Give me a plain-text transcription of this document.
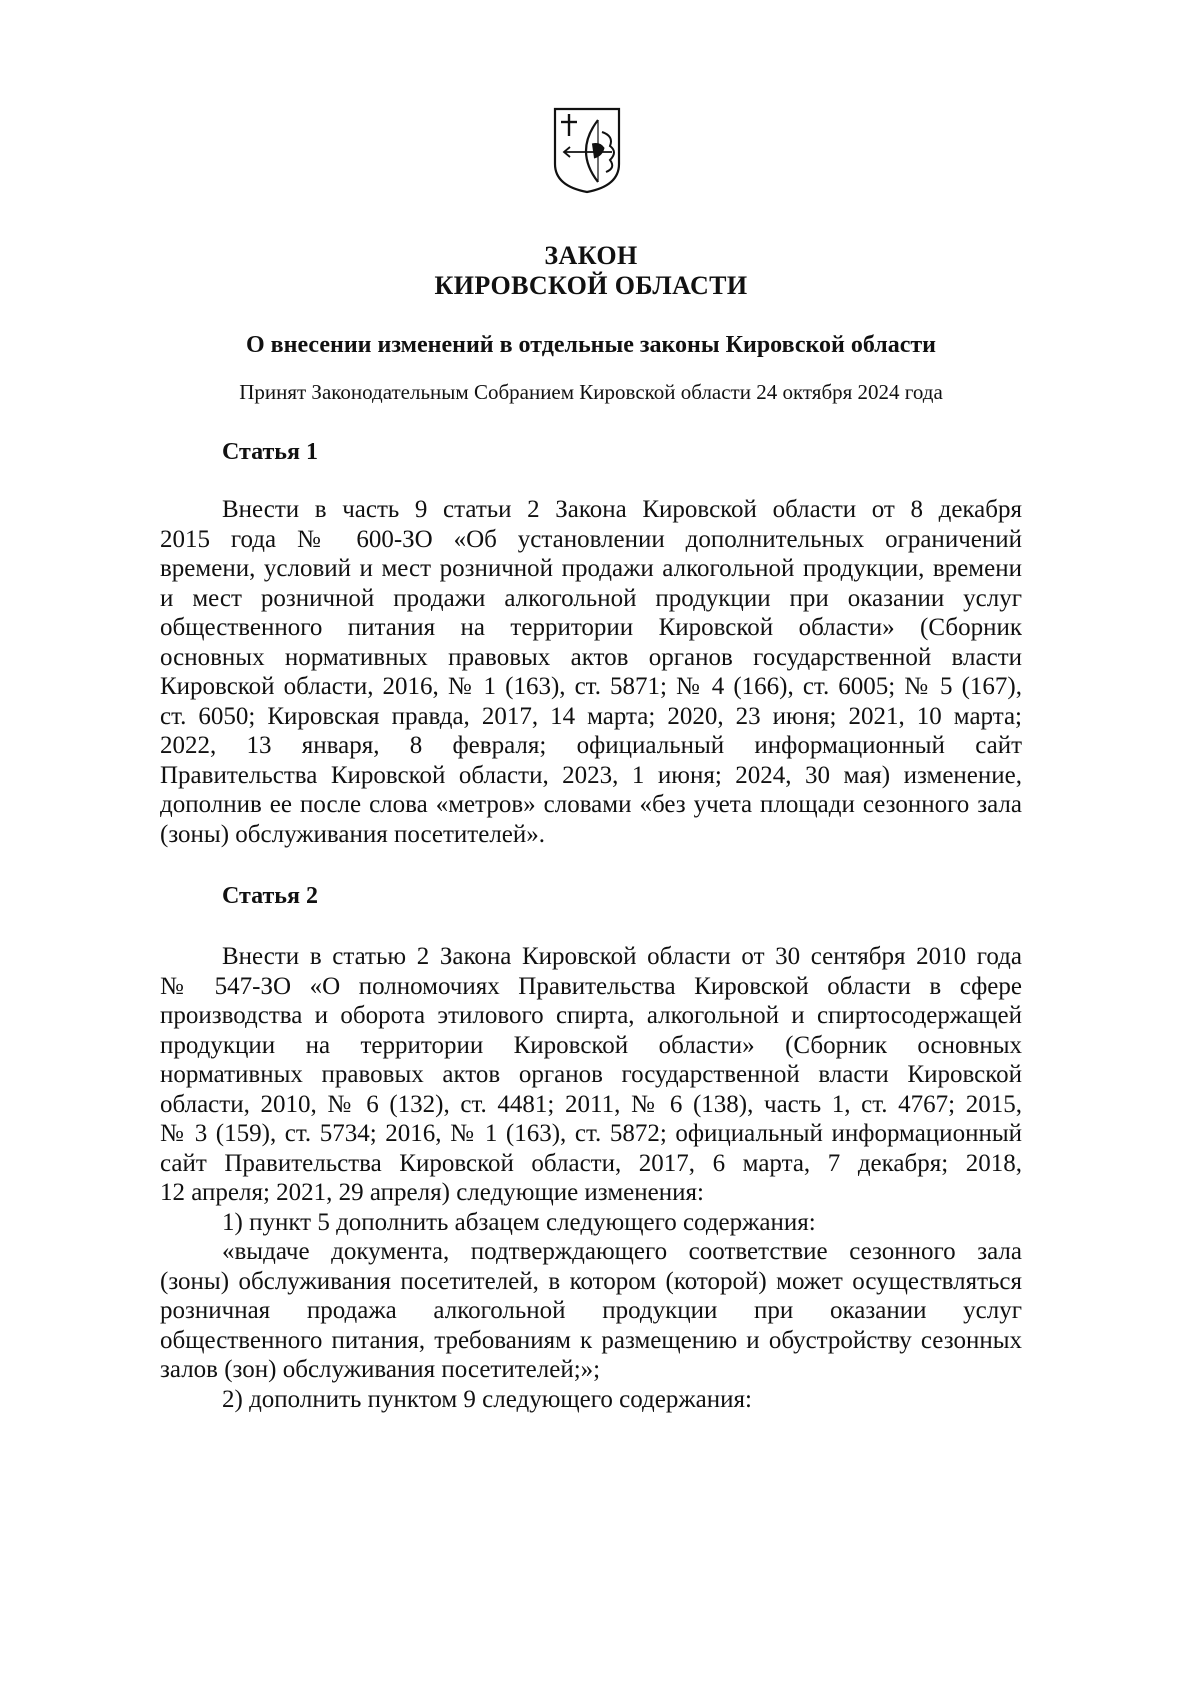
ЗАКОН
КИРОВСКОЙ ОБЛАСТИ
О внесении изменений в отдельные законы Кировской области
Принят Законодательным Собранием Кировской области 24 октября 2024 года
Статья 1
Внести в часть 9 статьи 2 Закона Кировской области от 8 декабря
2015 года № 600-ЗО «Об установлении дополнительных ограничений
времени, условий и мест розничной продажи алкогольной продукции, времени
и мест розничной продажи алкогольной продукции при оказании услуг
общественного питания на территории Кировской области» (Сборник
основных нормативных правовых актов органов государственной власти
Кировской области, 2016, № 1 (163), ст. 5871; № 4 (166), ст. 6005; № 5 (167),
ст. 6050; Кировская правда, 2017, 14 марта; 2020, 23 июня; 2021, 10 марта;
2022, 13 января, 8 февраля; официальный информационный сайт
Правительства Кировской области, 2023, 1 июня; 2024, 30 мая) изменение,
дополнив ее после слова «метров» словами «без учета площади сезонного зала
(зоны) обслуживания посетителей».
Статья 2
Внести в статью 2 Закона Кировской области от 30 сентября 2010 года
№ 547-ЗО «О полномочиях Правительства Кировской области в сфере
производства и оборота этилового спирта, алкогольной и спиртосодержащей
продукции на территории Кировской области» (Сборник основных
нормативных правовых актов органов государственной власти Кировской
области, 2010, № 6 (132), ст. 4481; 2011, № 6 (138), часть 1, ст. 4767; 2015,
№ 3 (159), ст. 5734; 2016, № 1 (163), ст. 5872; официальный информационный
сайт Правительства Кировской области, 2017, 6 марта, 7 декабря; 2018,
12 апреля; 2021, 29 апреля) следующие изменения:
1) пункт 5 дополнить абзацем следующего содержания:
«выдаче документа, подтверждающего соответствие сезонного зала
(зоны) обслуживания посетителей, в котором (которой) может осуществляться
розничная продажа алкогольной продукции при оказании услуг
общественного питания, требованиям к размещению и обустройству сезонных
залов (зон) обслуживания посетителей;»;
2) дополнить пунктом 9 следующего содержания:
